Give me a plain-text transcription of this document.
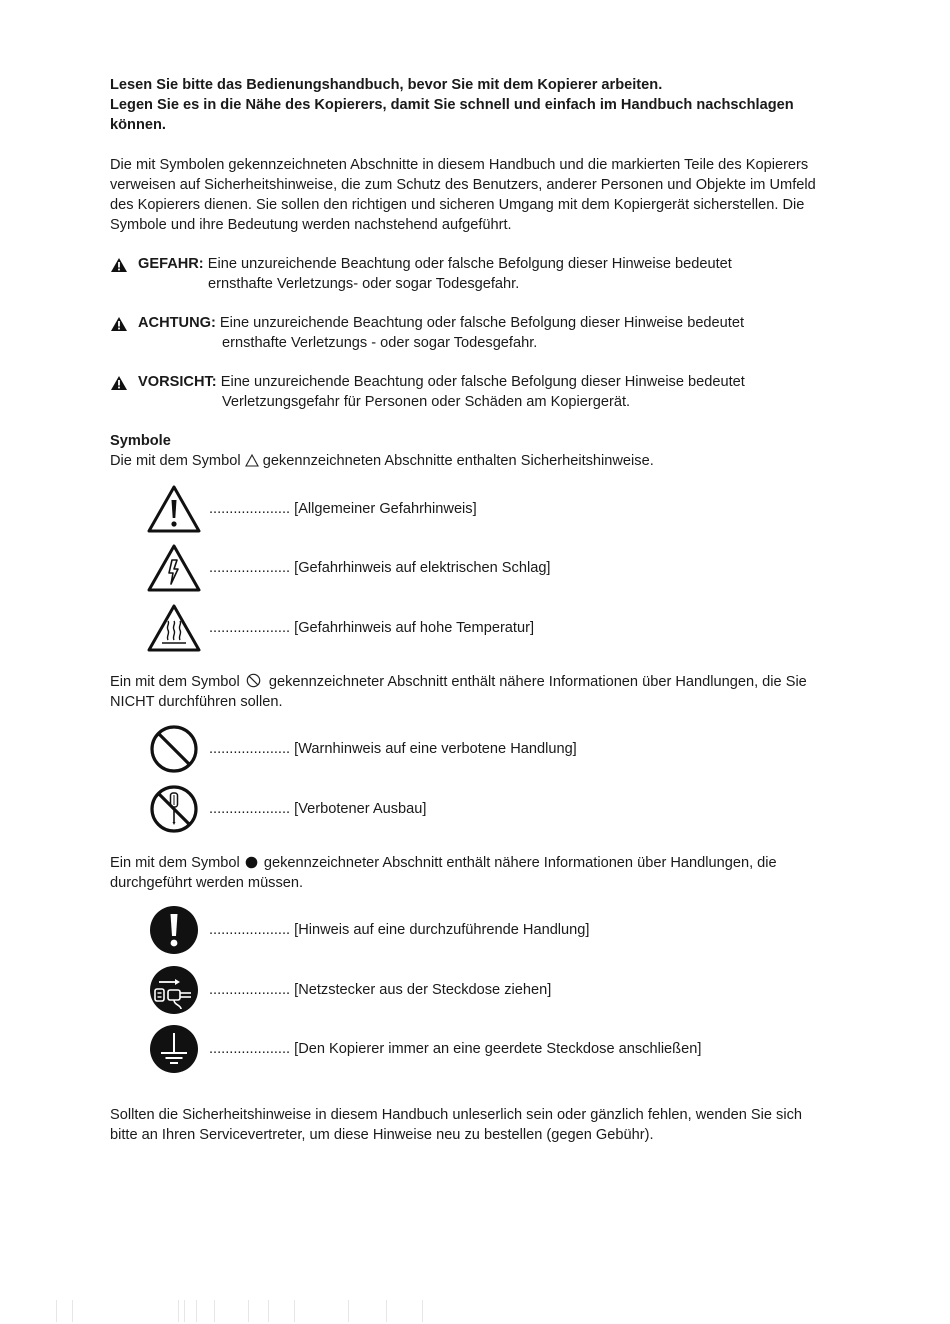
Lesen Sie bitte das Bedienungshandbuch, bevor Sie mit dem Kopierer arbeiten.
Legen Sie es in die Nähe des Kopierers, damit Sie schnell und einfach im Handbuch nachschlagen können.

Die mit Symbolen gekennzeichneten Abschnitte in diesem Handbuch und die markierten Teile des Kopierers verweisen auf Sicherheitshinweise, die zum Schutz des Benutzers, anderer Personen und Objekte im Umfeld des Kopierers dienen. Sie sollen den richtigen und sicheren Umgang mit dem Kopiergerät sicherstellen. Die Symbole und ihre Bedeutung werden nachstehend aufgeführt.

GEFAHR: Eine unzureichende Beachtung oder falsche Befolgung dieser Hinweise bedeutet
ernsthafte Verletzungs- oder sogar Todesgefahr.
ACHTUNG: Eine unzureichende Beachtung oder falsche Befolgung dieser Hinweise bedeutet
ernsthafte Verletzungs - oder sogar Todesgefahr.
VORSICHT: Eine unzureichende Beachtung oder falsche Befolgung dieser Hinweise bedeutet
Verletzungsgefahr für Personen oder Schäden am Kopiergerät.
Symbole

Die mit dem Symbol gekennzeichneten Abschnitte enthalten Sicherheitshinweise.

.................... [Allgemeiner Gefahrhinweis]
.................... [Gefahrhinweis auf elektrischen Schlag]
.................... [Gefahrhinweis auf hohe Temperatur]

Ein mit dem Symbol gekennzeichneter Abschnitt enthält nähere Informationen über Handlungen, die Sie NICHT durchführen sollen.

.................... [Warnhinweis auf eine verbotene Handlung]
.................... [Verbotener Ausbau]

Ein mit dem Symbol gekennzeichneter Abschnitt enthält nähere Informationen über Handlungen, die durchgeführt werden müssen.

.................... [Hinweis auf eine durchzuführende Handlung]
.................... [Netzstecker aus der Steckdose ziehen]
.................... [Den Kopierer immer an eine geerdete Steckdose anschließen]

Sollten die Sicherheitshinweise in diesem Handbuch unleserlich sein oder gänzlich fehlen, wenden Sie sich bitte an Ihren Servicevertreter, um diese Hinweise neu zu bestellen (gegen Gebühr).
